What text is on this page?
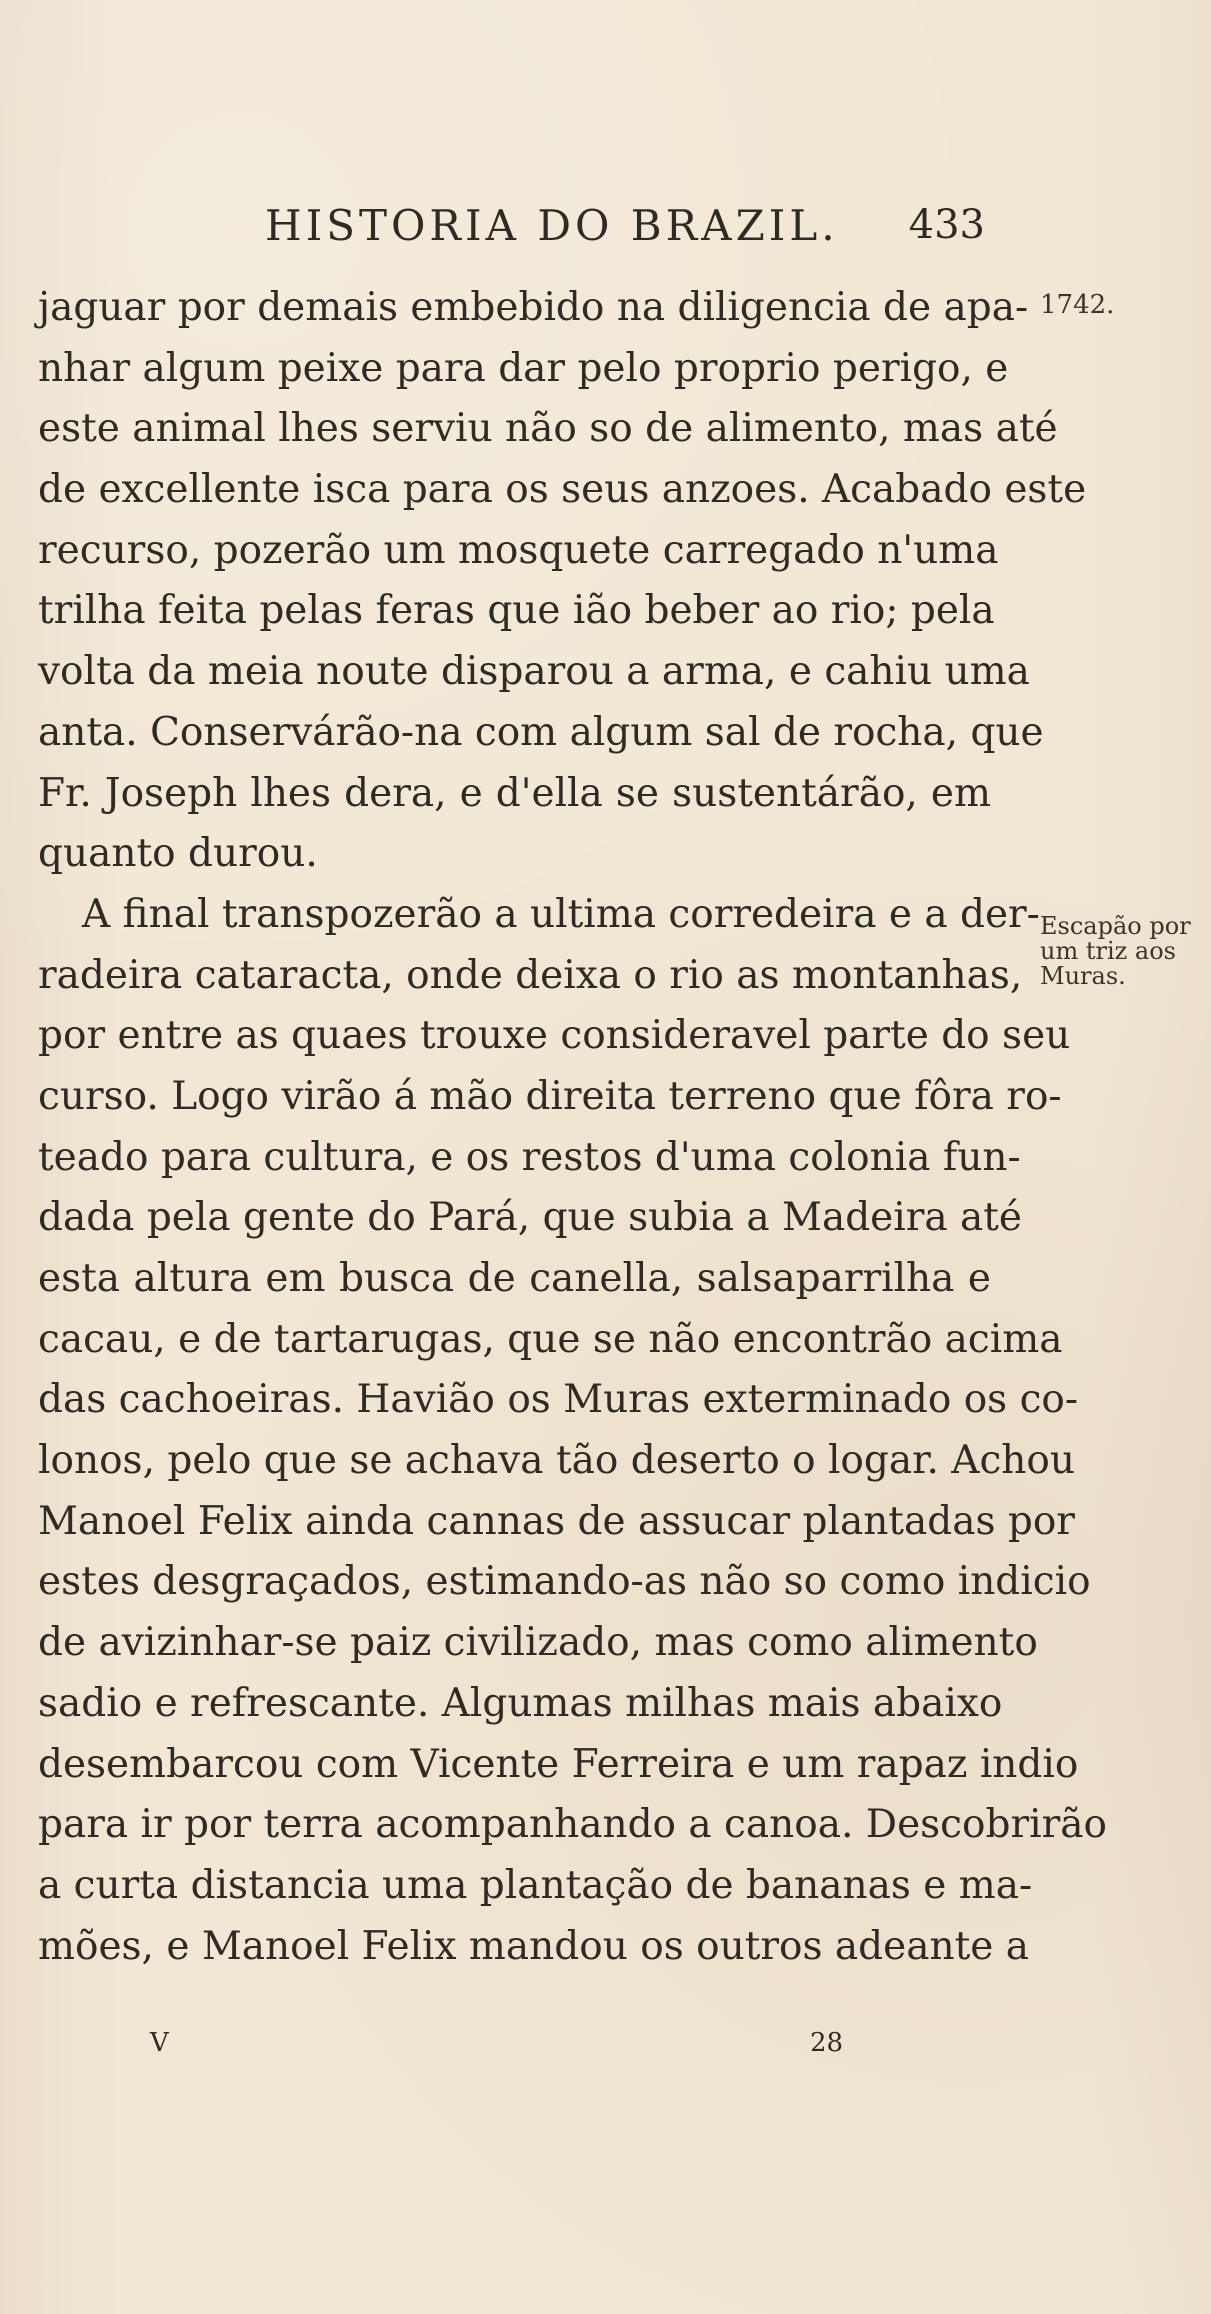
HISTORIA DO BRAZIL. 433
1742.
Escapão por
um triz aos
Muras.
jaguar por demais embebido na diligencia de apa-
nhar algum peixe para dar pelo proprio perigo, e
este animal lhes serviu não so de alimento, mas até
de excellente isca para os seus anzoes. Acabado este
recurso, pozerão um mosquete carregado n'uma
trilha feita pelas feras que ião beber ao rio; pela
volta da meia noute disparou a arma, e cahiu uma
anta. Conservárão-na com algum sal de rocha, que
Fr. Joseph lhes dera, e d'ella se sustentárão, em
quanto durou.
A final transpozerão a ultima corredeira e a der-
radeira cataracta, onde deixa o rio as montanhas,
por entre as quaes trouxe consideravel parte do seu
curso. Logo virão á mão direita terreno que fôra ro-
teado para cultura, e os restos d'uma colonia fun-
dada pela gente do Pará, que subia a Madeira até
esta altura em busca de canella, salsaparrilha e
cacau, e de tartarugas, que se não encontrão acima
das cachoeiras. Havião os Muras exterminado os co-
lonos, pelo que se achava tão deserto o logar. Achou
Manoel Felix ainda cannas de assucar plantadas por
estes desgraçados, estimando-as não so como indicio
de avizinhar-se paiz civilizado, mas como alimento
sadio e refrescante. Algumas milhas mais abaixo
desembarcou com Vicente Ferreira e um rapaz indio
para ir por terra acompanhando a canoa. Descobrirão
a curta distancia uma plantação de bananas e ma-
mões, e Manoel Felix mandou os outros adeante a
V	28
